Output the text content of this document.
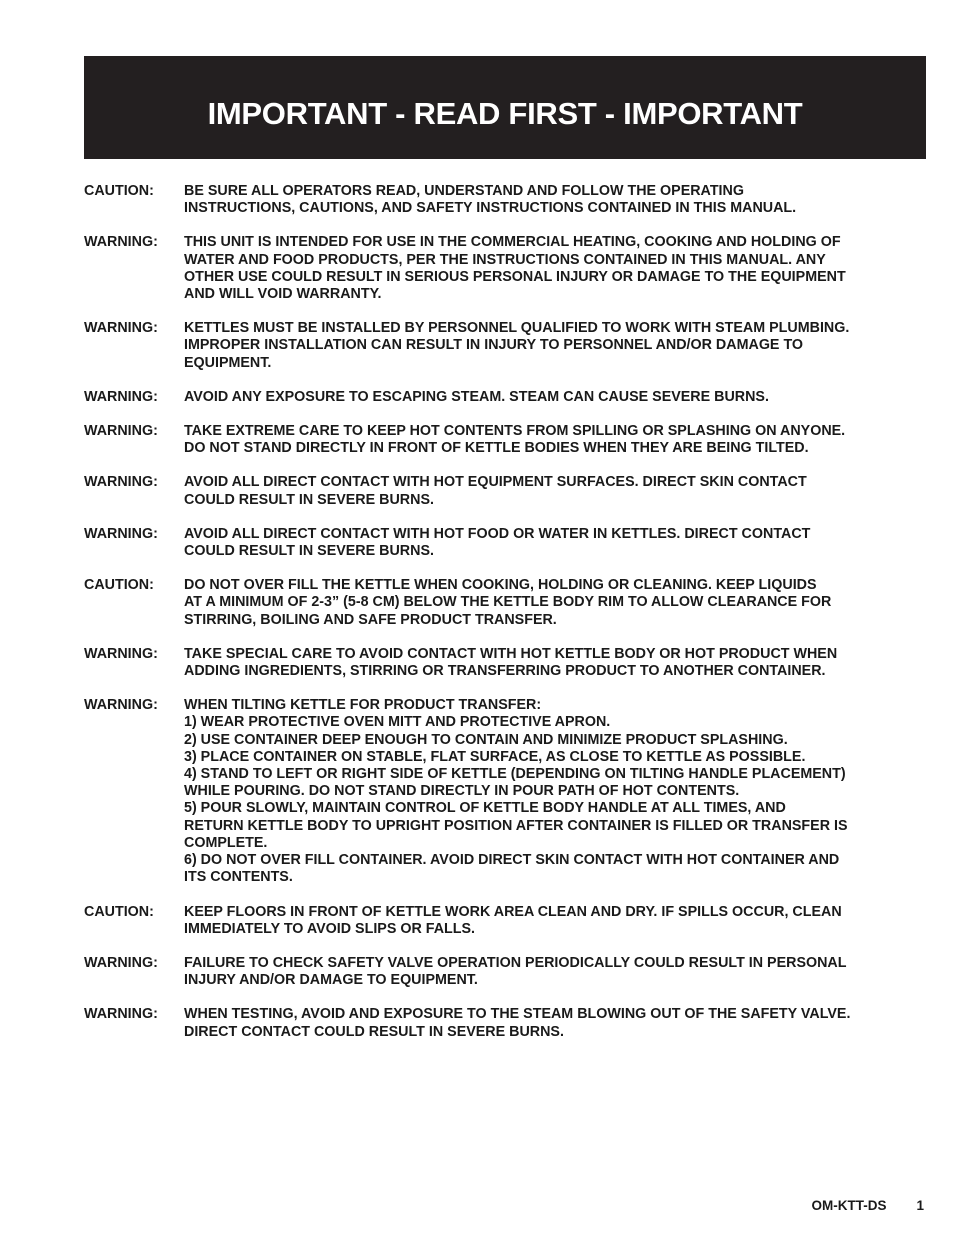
IMPORTANT - READ FIRST - IMPORTANT
CAUTION:	BE SURE ALL OPERATORS READ, UNDERSTAND AND FOLLOW THE OPERATING
INSTRUCTIONS, CAUTIONS, AND SAFETY INSTRUCTIONS CONTAINED IN THIS MANUAL.
WARNING:	THIS UNIT IS INTENDED FOR USE IN THE COMMERCIAL HEATING, COOKING AND HOLDING OF
WATER AND FOOD PRODUCTS, PER THE INSTRUCTIONS CONTAINED IN THIS MANUAL. ANY
OTHER USE COULD RESULT IN SERIOUS PERSONAL INJURY OR DAMAGE TO THE EQUIPMENT
AND WILL VOID WARRANTY.
WARNING:	KETTLES MUST BE INSTALLED BY PERSONNEL QUALIFIED TO WORK WITH STEAM PLUMBING.
IMPROPER INSTALLATION CAN RESULT IN INJURY TO PERSONNEL AND/OR DAMAGE TO
EQUIPMENT.
WARNING:	AVOID ANY EXPOSURE TO ESCAPING STEAM. STEAM CAN CAUSE SEVERE BURNS.
WARNING:	TAKE EXTREME CARE TO KEEP HOT CONTENTS FROM SPILLING OR SPLASHING ON ANYONE.
DO NOT STAND DIRECTLY IN FRONT OF KETTLE BODIES WHEN THEY ARE BEING TILTED.
WARNING:	AVOID ALL DIRECT CONTACT WITH HOT EQUIPMENT SURFACES. DIRECT SKIN CONTACT
COULD RESULT IN SEVERE BURNS.
WARNING:	AVOID ALL DIRECT CONTACT WITH HOT FOOD OR WATER IN KETTLES. DIRECT CONTACT
COULD RESULT IN SEVERE BURNS.
CAUTION:	DO NOT OVER FILL THE KETTLE WHEN COOKING, HOLDING OR CLEANING. KEEP LIQUIDS
AT A MINIMUM OF 2-3” (5-8 CM) BELOW THE KETTLE BODY RIM TO ALLOW CLEARANCE FOR
STIRRING, BOILING AND SAFE PRODUCT TRANSFER.
WARNING:	TAKE SPECIAL CARE TO AVOID CONTACT WITH HOT KETTLE BODY OR HOT PRODUCT WHEN
ADDING INGREDIENTS, STIRRING OR TRANSFERRING PRODUCT TO ANOTHER CONTAINER.
WARNING:	WHEN TILTING KETTLE FOR PRODUCT TRANSFER:
1) WEAR PROTECTIVE OVEN MITT AND PROTECTIVE APRON.
2) USE CONTAINER DEEP ENOUGH TO CONTAIN AND MINIMIZE PRODUCT SPLASHING.
3) PLACE CONTAINER ON STABLE, FLAT SURFACE, AS CLOSE TO KETTLE AS POSSIBLE.
4) STAND TO LEFT OR RIGHT SIDE OF KETTLE (DEPENDING ON TILTING HANDLE PLACEMENT)
WHILE POURING. DO NOT STAND DIRECTLY IN POUR PATH OF HOT CONTENTS.
5) POUR SLOWLY, MAINTAIN CONTROL OF KETTLE BODY HANDLE AT ALL TIMES, AND
RETURN KETTLE BODY TO UPRIGHT POSITION AFTER CONTAINER IS FILLED OR TRANSFER IS
COMPLETE.
6) DO NOT OVER FILL CONTAINER. AVOID DIRECT SKIN CONTACT WITH HOT CONTAINER AND
ITS CONTENTS.
CAUTION:	KEEP FLOORS IN FRONT OF KETTLE WORK AREA CLEAN AND DRY. IF SPILLS OCCUR, CLEAN
IMMEDIATELY TO AVOID SLIPS OR FALLS.
WARNING:	FAILURE TO CHECK SAFETY VALVE OPERATION PERIODICALLY COULD RESULT IN PERSONAL
INJURY AND/OR DAMAGE TO EQUIPMENT.
WARNING:	WHEN TESTING, AVOID AND EXPOSURE TO THE STEAM BLOWING OUT OF THE SAFETY VALVE.
DIRECT CONTACT COULD RESULT IN SEVERE BURNS.
OM-KTT-DS 1
